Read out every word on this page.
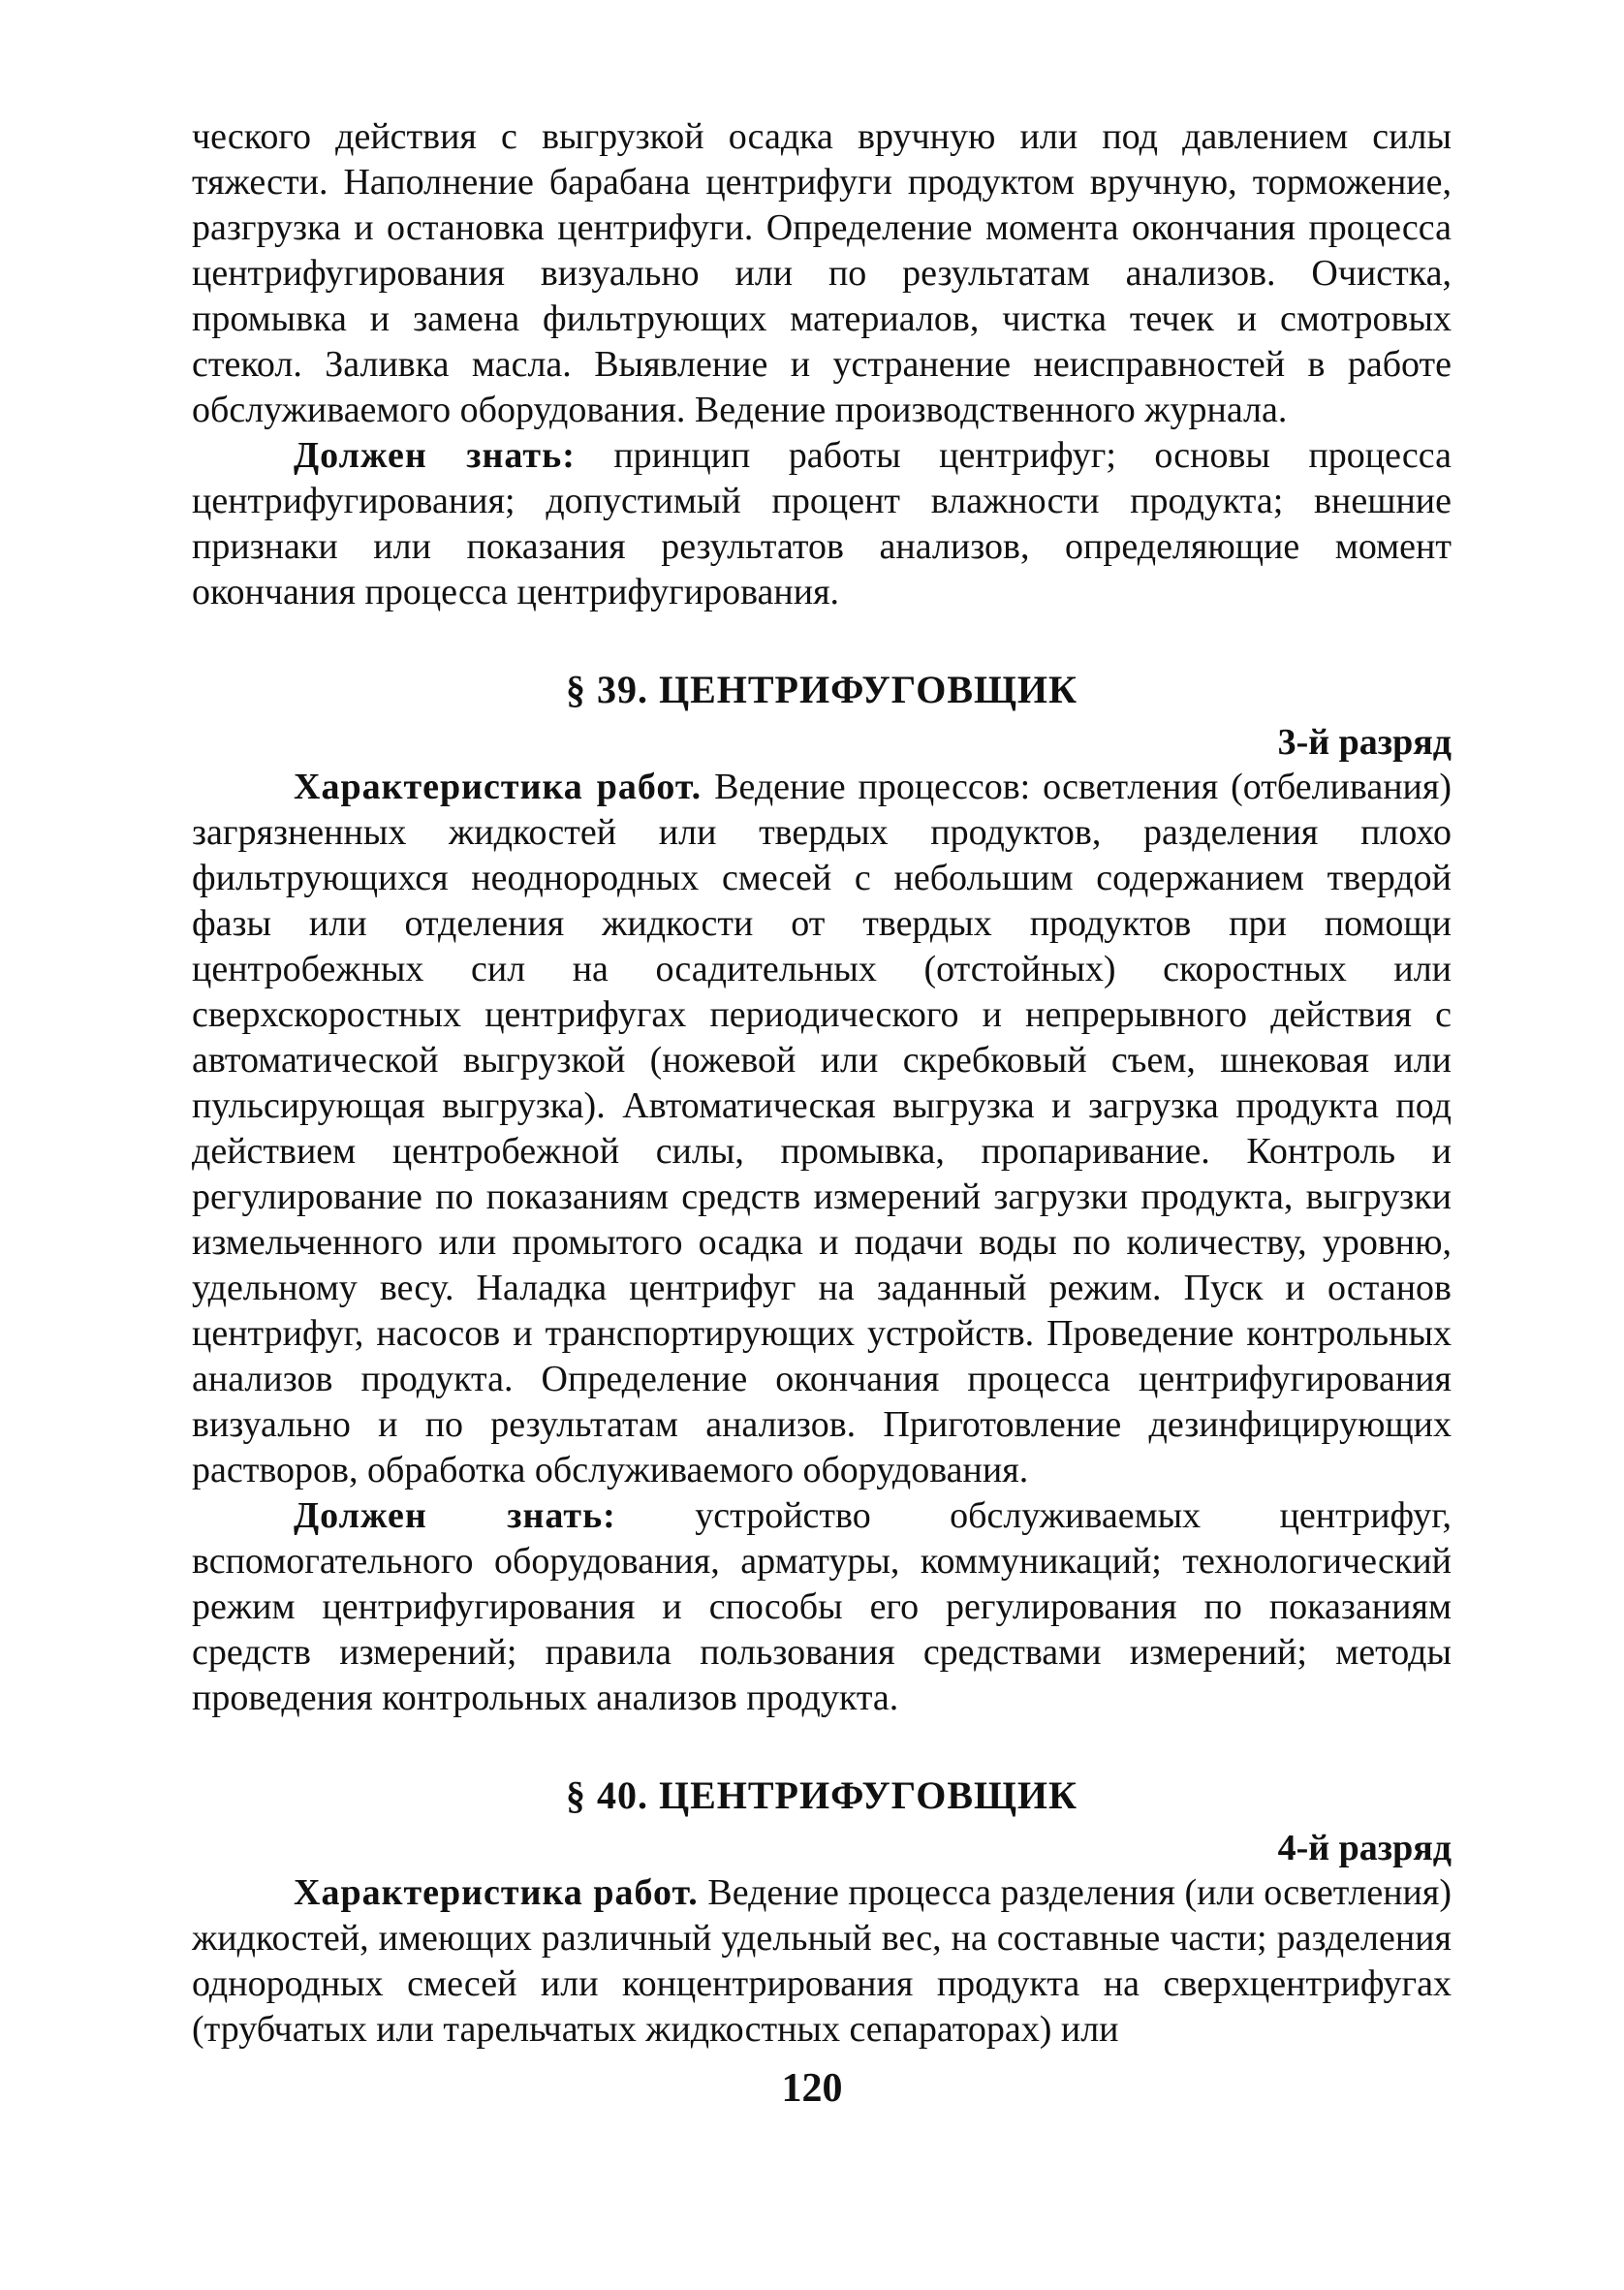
ческого действия с выгрузкой осадка вручную или под давлением силы тяжести. Наполнение барабана центрифуги продуктом вручную, торможение, разгрузка и остановка центрифуги. Определение момента окончания процесса центрифугирования визуально или по результатам анализов. Очистка, промывка и замена фильтрующих материалов, чистка течек и смотровых стекол. Заливка масла. Выявление и устранение неисправностей в работе обслуживаемого оборудования. Ведение производственного журнала.

Должен знать: принцип работы центрифуг; основы процесса центрифугирования; допустимый процент влажности продукта; внешние признаки или показания результатов анализов, определяющие момент окончания процесса центрифугирования.

§ 39. ЦЕНТРИФУГОВЩИК
3-й разряд

Характеристика работ. Ведение процессов: осветления (отбеливания) загрязненных жидкостей или твердых продуктов, разделения плохо фильтрующихся неоднородных смесей с небольшим содержанием твердой фазы или отделения жидкости от твердых продуктов при помощи центробежных сил на осадительных (отстойных) скоростных или сверхскоростных центрифугах периодического и непрерывного действия с автоматической выгрузкой (ножевой или скребковый съем, шнековая или пульсирующая выгрузка). Автоматическая выгрузка и загрузка продукта под действием центробежной силы, промывка, пропаривание. Контроль и регулирование по показаниям средств измерений загрузки продукта, выгрузки измельченного или промытого осадка и подачи воды по количеству, уровню, удельному весу. Наладка центрифуг на заданный режим. Пуск и останов центрифуг, насосов и транспортирующих устройств. Проведение контрольных анализов продукта. Определение окончания процесса центрифугирования визуально и по результатам анализов. Приготовление дезинфицирующих растворов, обработка обслуживаемого оборудования.

Должен знать: устройство обслуживаемых центрифуг, вспомогательного оборудования, арматуры, коммуникаций; технологический режим центрифугирования и способы его регулирования по показаниям средств измерений; правила пользования средствами измерений; методы проведения контрольных анализов продукта.

§ 40. ЦЕНТРИФУГОВЩИК
4-й разряд

Характеристика работ. Ведение процесса разделения (или осветления) жидкостей, имеющих различный удельный вес, на составные части; разделения однородных смесей или концентрирования продукта на сверхцентрифугах (трубчатых или тарельчатых жидкостных сепараторах) или

120
